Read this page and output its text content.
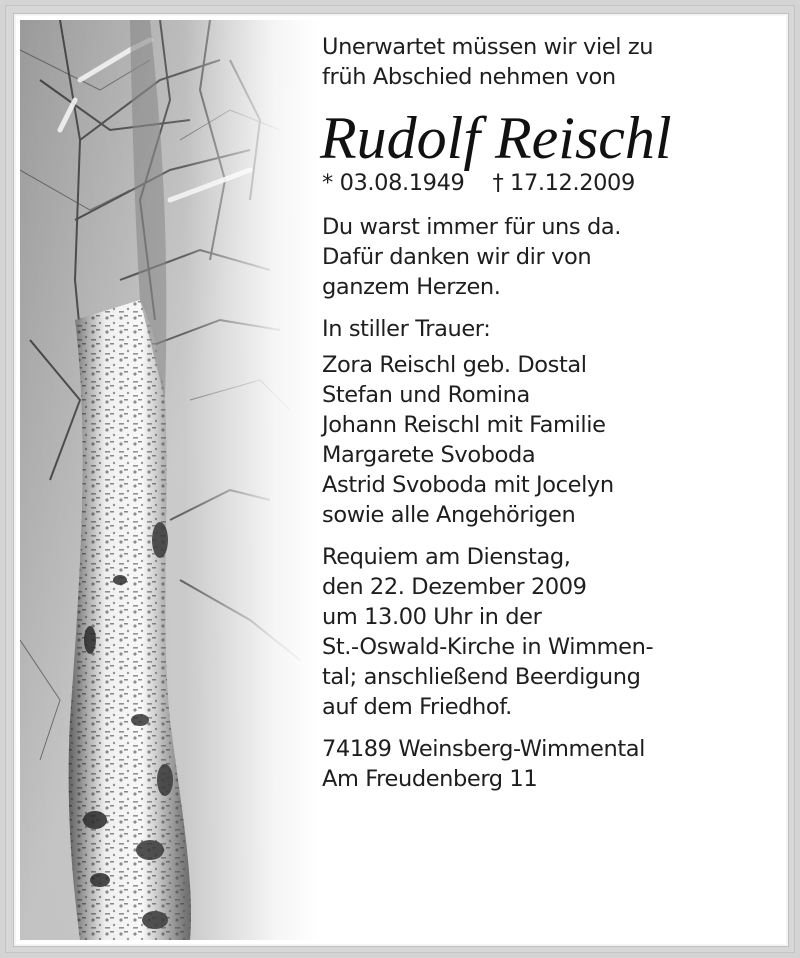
Unerwartet müssen wir viel zu
früh Abschied nehmen von
Rudolf Reischl
* 03.08.1949 † 17.12.2009
Du warst immer für uns da.
Dafür danken wir dir von
ganzem Herzen.
In stiller Trauer:
Zora Reischl geb. Dostal
Stefan und Romina
Johann Reischl mit Familie
Margarete Svoboda
Astrid Svoboda mit Jocelyn
sowie alle Angehörigen
Requiem am Dienstag,
den 22. Dezember 2009
um 13.00 Uhr in der
St.-Oswald-Kirche in Wimmen-
tal; anschließend Beerdigung
auf dem Friedhof.
74189 Weinsberg-Wimmental
Am Freudenberg 11
